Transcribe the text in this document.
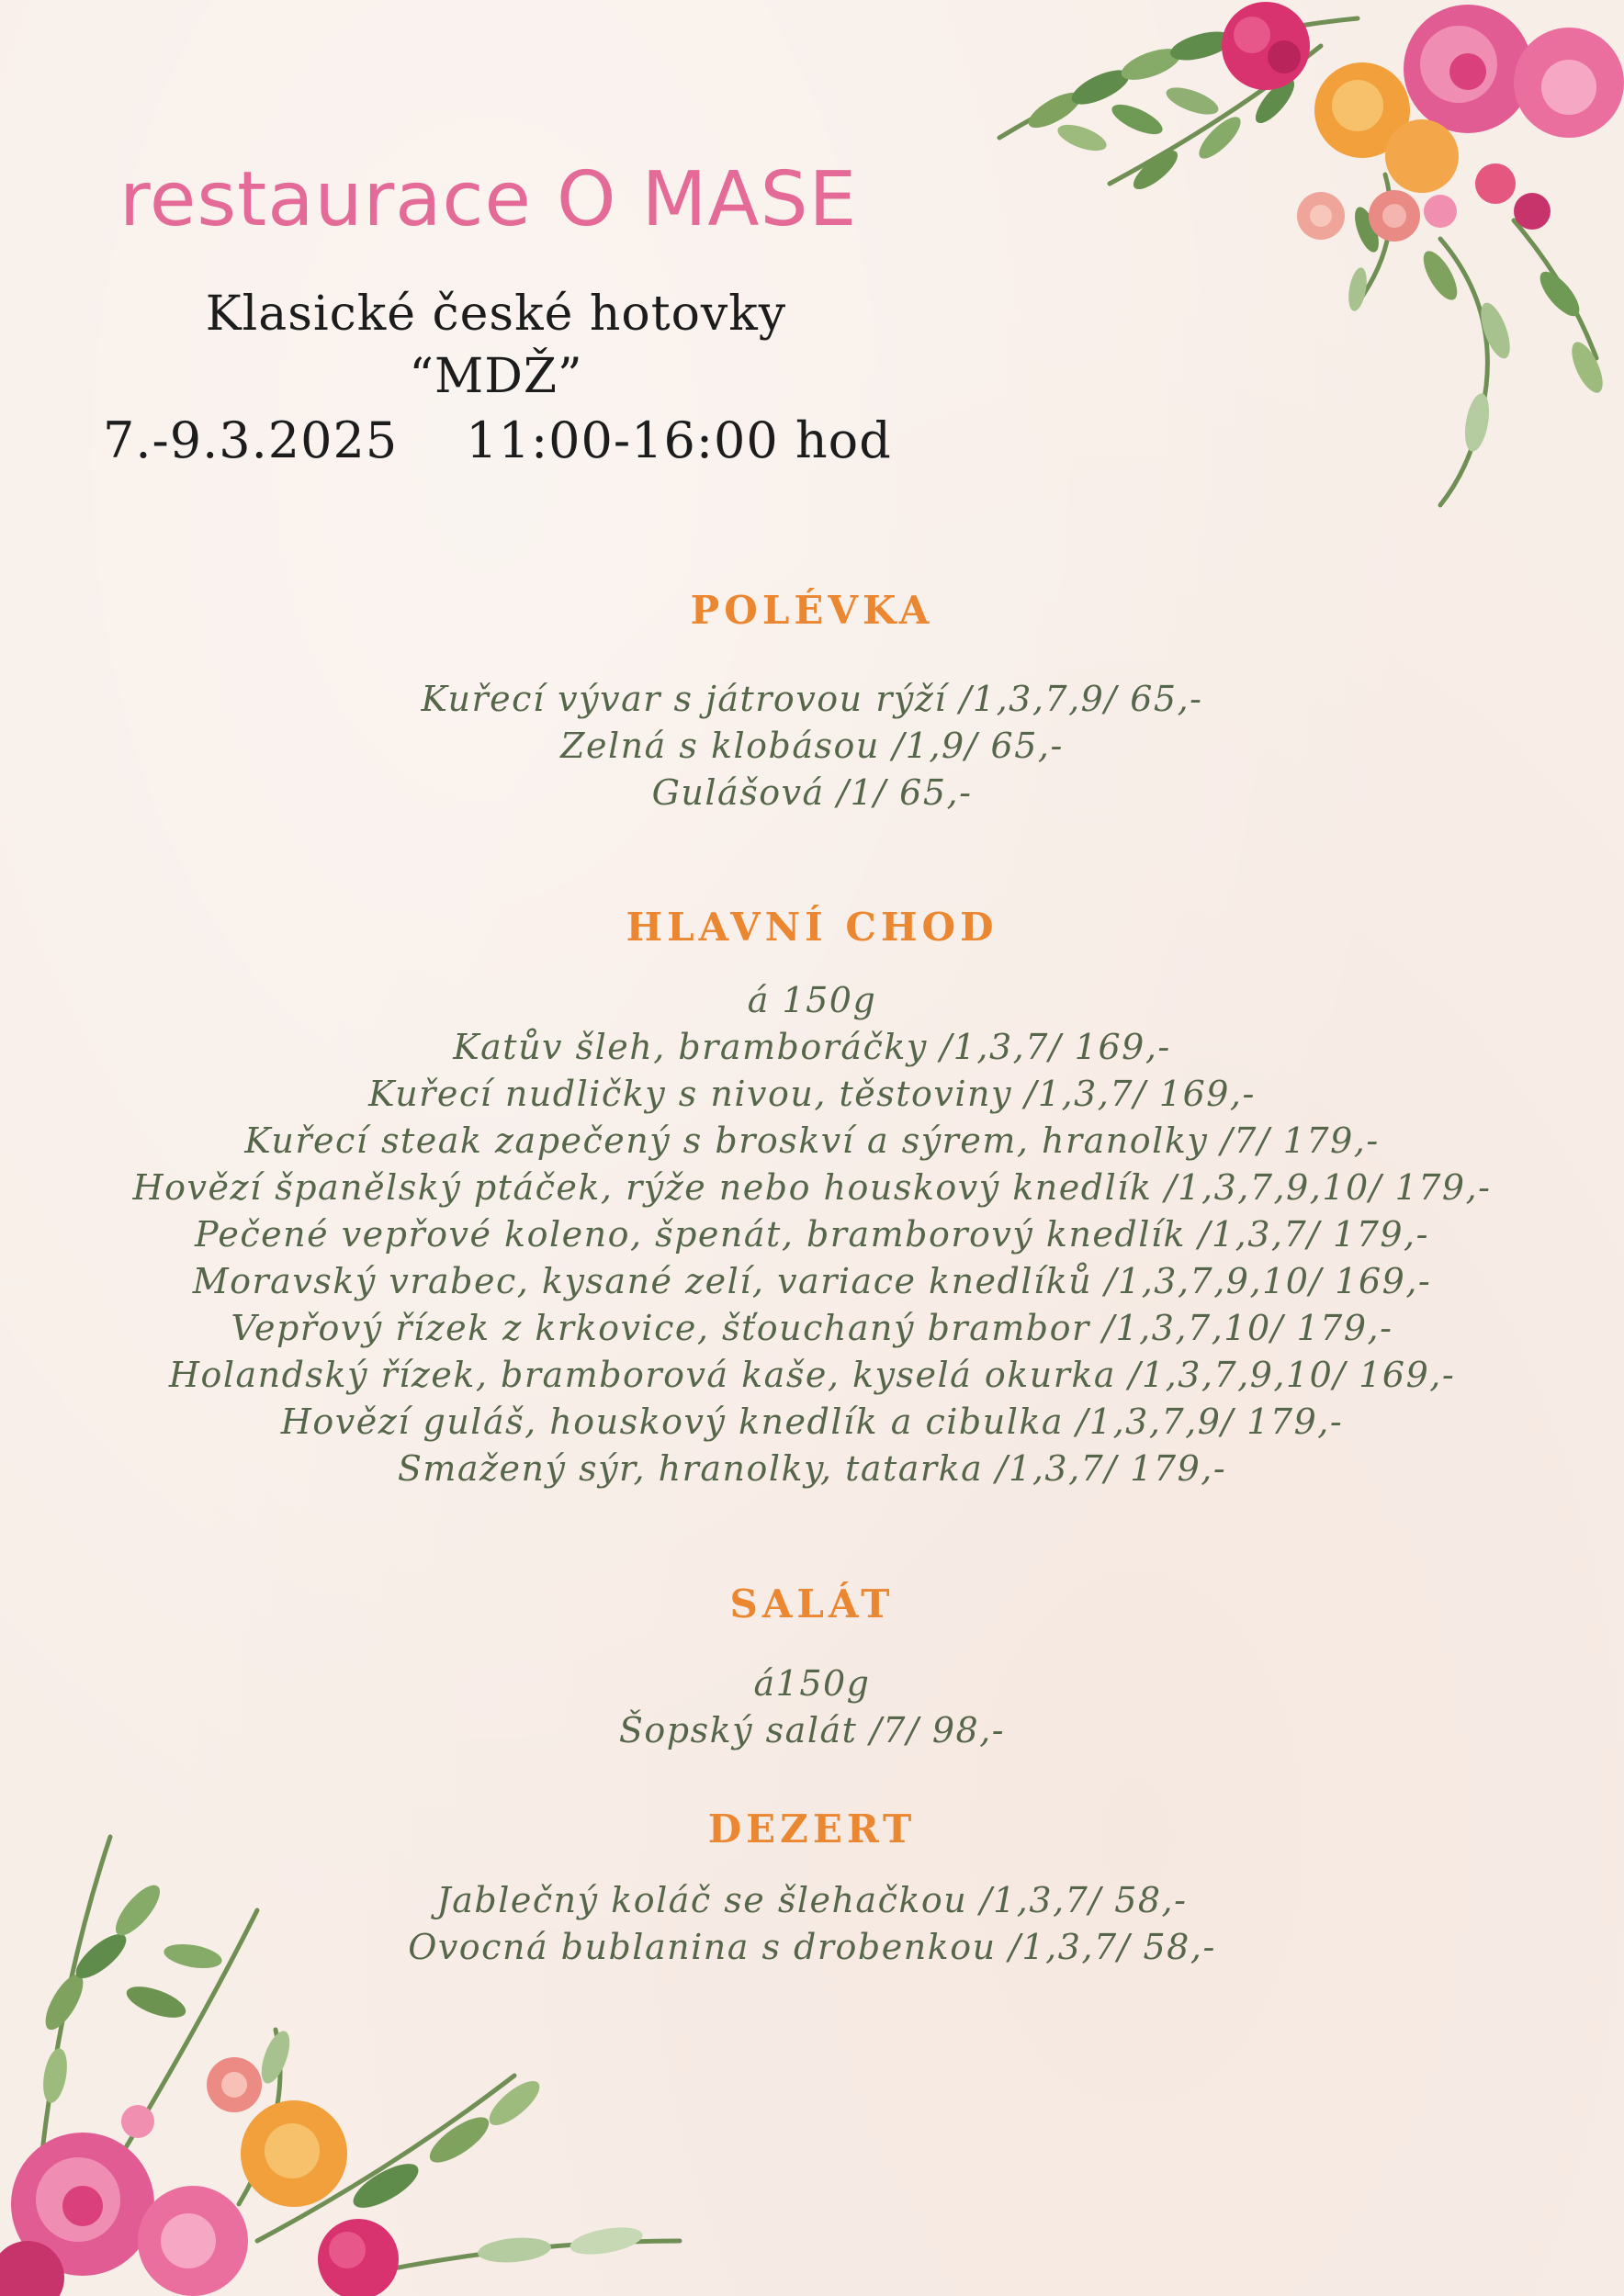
restaurace O MASE
Klasické české hotovky
“MDŽ”
7.-9.3.2025 11:00-16:00 hod
POLÉVKA
Kuřecí vývar s játrovou rýží /1,3,7,9/ 65,-
Zelná s klobásou /1,9/ 65,-
Gulášová /1/ 65,-
HLAVNÍ CHOD
á 150g
Katův šleh, bramboráčky /1,3,7/ 169,-
Kuřecí nudličky s nivou, těstoviny /1,3,7/ 169,-
Kuřecí steak zapečený s broskví a sýrem, hranolky /7/ 179,-
Hovězí španělský ptáček, rýže nebo houskový knedlík /1,3,7,9,10/ 179,-
Pečené vepřové koleno, špenát, bramborový knedlík /1,3,7/ 179,-
Moravský vrabec, kysané zelí, variace knedlíků /1,3,7,9,10/ 169,-
Vepřový řízek z krkovice, šťouchaný brambor /1,3,7,10/ 179,-
Holandský řízek, bramborová kaše, kyselá okurka /1,3,7,9,10/ 169,-
Hovězí guláš, houskový knedlík a cibulka /1,3,7,9/ 179,-
Smažený sýr, hranolky, tatarka /1,3,7/ 179,-
SALÁT
á150g
Šopský salát /7/ 98,-
DEZERT
Jablečný koláč se šlehačkou /1,3,7/ 58,-
Ovocná bublanina s drobenkou /1,3,7/ 58,-
